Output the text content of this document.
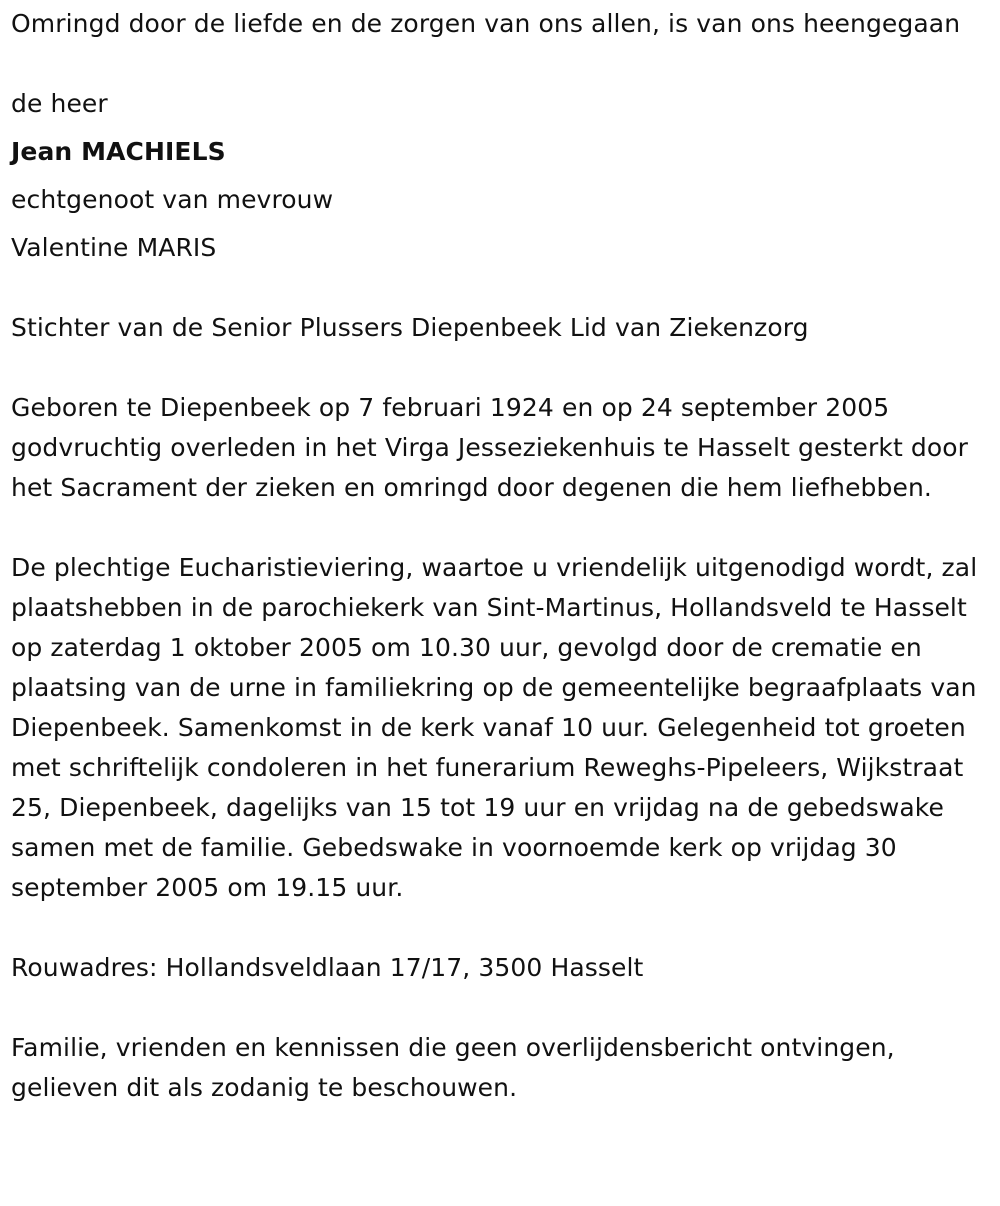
Omringd door de liefde en de zorgen van ons allen, is van ons heengegaan

de heer

Jean MACHIELS

echtgenoot van mevrouw

Valentine MARIS

Stichter van de Senior Plussers Diepenbeek Lid van Ziekenzorg

Geboren te Diepenbeek op 7 februari 1924 en op 24 september 2005 godvruchtig overleden in het Virga Jesseziekenhuis te Hasselt gesterkt door het Sacrament der zieken en omringd door degenen die hem liefhebben.

De plechtige Eucharistieviering, waartoe u vriendelijk uitgenodigd wordt, zal plaatshebben in de parochiekerk van Sint-Martinus, Hollandsveld te Hasselt op zaterdag 1 oktober 2005 om 10.30 uur, gevolgd door de crematie en plaatsing van de urne in familiekring op de gemeentelijke begraafplaats van Diepenbeek. Samenkomst in de kerk vanaf 10 uur. Gelegenheid tot groeten met schriftelijk condoleren in het funerarium Reweghs-Pipeleers, Wijkstraat 25, Diepenbeek, dagelijks van 15 tot 19 uur en vrijdag na de gebedswake samen met de familie. Gebedswake in voornoemde kerk op vrijdag 30 september 2005 om 19.15 uur.

Rouwadres: Hollandsveldlaan 17/17, 3500 Hasselt

Familie, vrienden en kennissen die geen overlijdensbericht ontvingen, gelieven dit als zodanig te beschouwen.
